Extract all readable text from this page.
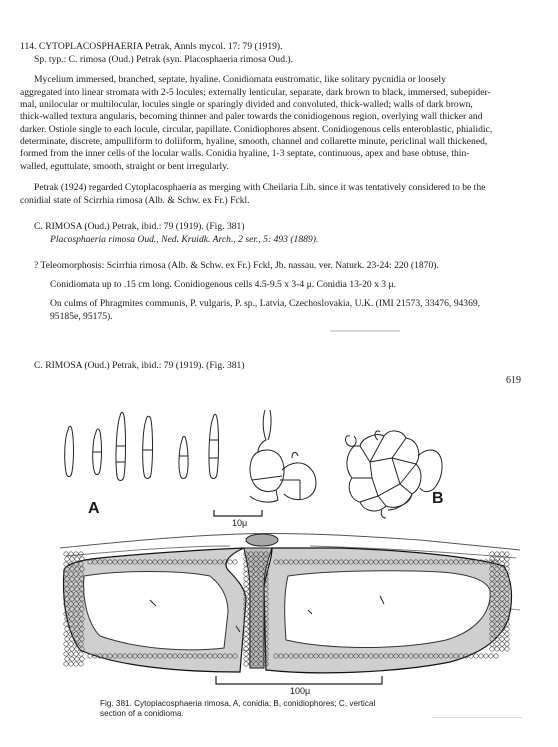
114. CYTOPLACOSPHAERIA Petrak, Annls mycol. 17: 79 (1919).
Sp. typ.: C. rimosa (Oud.) Petrak (syn. Placosphaeria rimosa Oud.).
Mycelium immersed, branched, septate, hyaline. Conidiomata eustromatic, like solitary pycnidia or loosely
aggregated into linear stromata with 2-5 locules; externally lenticular, separate, dark brown to black, immersed, subepider-
mal, unilocular or multilocular, locules single or sparingly divided and convoluted, thick-walled; walls of dark brown,
thick-walled textura angularis, becoming thinner and paler towards the conidiogenous region, overlying wall thicker and
darker. Ostiole single to each locule, circular, papillate. Conidiophores absent. Conidiogenous cells enteroblastic, phialidic,
determinate, discrete, ampulliform to doliiform, hyaline, smooth, channel and collarette minute, periclinal wall thickened,
formed from the inner cells of the locular walls. Conidia hyaline, 1-3 septate, continuous, apex and base obtuse, thin-
walled, eguttulate, smooth, straight or bent irregularly.
Petrak (1924) regarded Cytoplacosphaeria as merging with Cheilaria Lib. since it was tentatively considered to be the
conidial state of Scirrhia rimosa (Alb. & Schw. ex Fr.) Fckl.
C. RIMOSA (Oud.) Petrak, ibid.: 79 (1919). (Fig. 381)
Placosphaeria rimosa Oud., Ned. Kruidk. Arch., 2 ser., 5: 493 (1889).
? Teleomorphosis: Scirrhia rimosa (Alb. & Schw. ex Fr.) Fckl, Jb. nassau. ver. Naturk. 23-24: 220 (1870).
Conidiomata up to .15 cm long. Conidiogenous cells 4.5-9.5 x 3-4 μ. Conidia 13-20 x 3 μ.
On culms of Phragmites communis, P. vulgaris, P. sp., Latvia, Czechoslovakia, U.K. (IMI 21573, 33476, 94369,
95185e, 95175).
C. RIMOSA (Oud.) Petrak, ibid.: 79 (1919). (Fig. 381)
619
A
B
10μ
100μ
Fig. 381. Cytoplacosphaeria rimosa, A, conidia; B, conidiophores; C, vertical
section of a conidioma.
